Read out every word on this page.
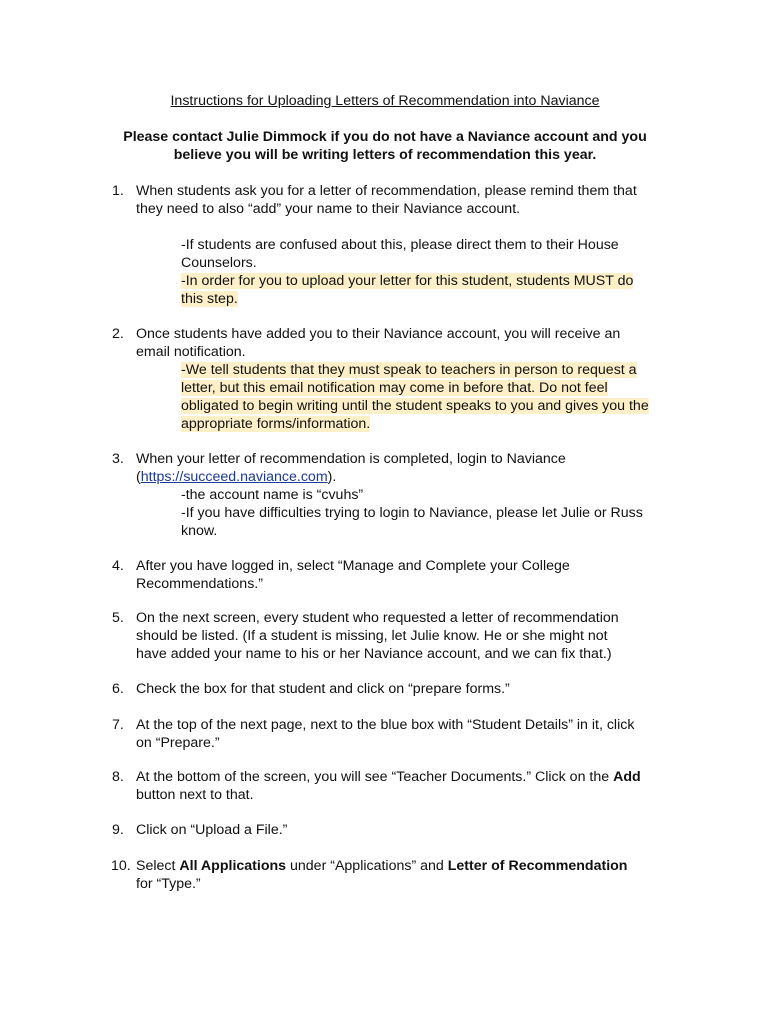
Instructions for Uploading Letters of Recommendation into Naviance
Please contact Julie Dimmock if you do not have a Naviance account and you
believe you will be writing letters of recommendation this year.
1. When students ask you for a letter of recommendation, please remind them that
they need to also “add” your name to their Naviance account.
-If students are confused about this, please direct them to their House
Counselors.
-In order for you to upload your letter for this student, students MUST do
this step.
2. Once students have added you to their Naviance account, you will receive an
email notification.
-We tell students that they must speak to teachers in person to request a
letter, but this email notification may come in before that. Do not feel
obligated to begin writing until the student speaks to you and gives you the
appropriate forms/information.
3. When your letter of recommendation is completed, login to Naviance
(https://succeed.naviance.com).
-the account name is “cvuhs”
-If you have difficulties trying to login to Naviance, please let Julie or Russ
know.
4. After you have logged in, select “Manage and Complete your College
Recommendations.”
5. On the next screen, every student who requested a letter of recommendation
should be listed. (If a student is missing, let Julie know. He or she might not
have added your name to his or her Naviance account, and we can fix that.)
6. Check the box for that student and click on “prepare forms.”
7. At the top of the next page, next to the blue box with “Student Details” in it, click
on “Prepare.”
8. At the bottom of the screen, you will see “Teacher Documents.” Click on the Add
button next to that.
9. Click on “Upload a File.”
10. Select All Applications under “Applications” and Letter of Recommendation
for “Type.”
